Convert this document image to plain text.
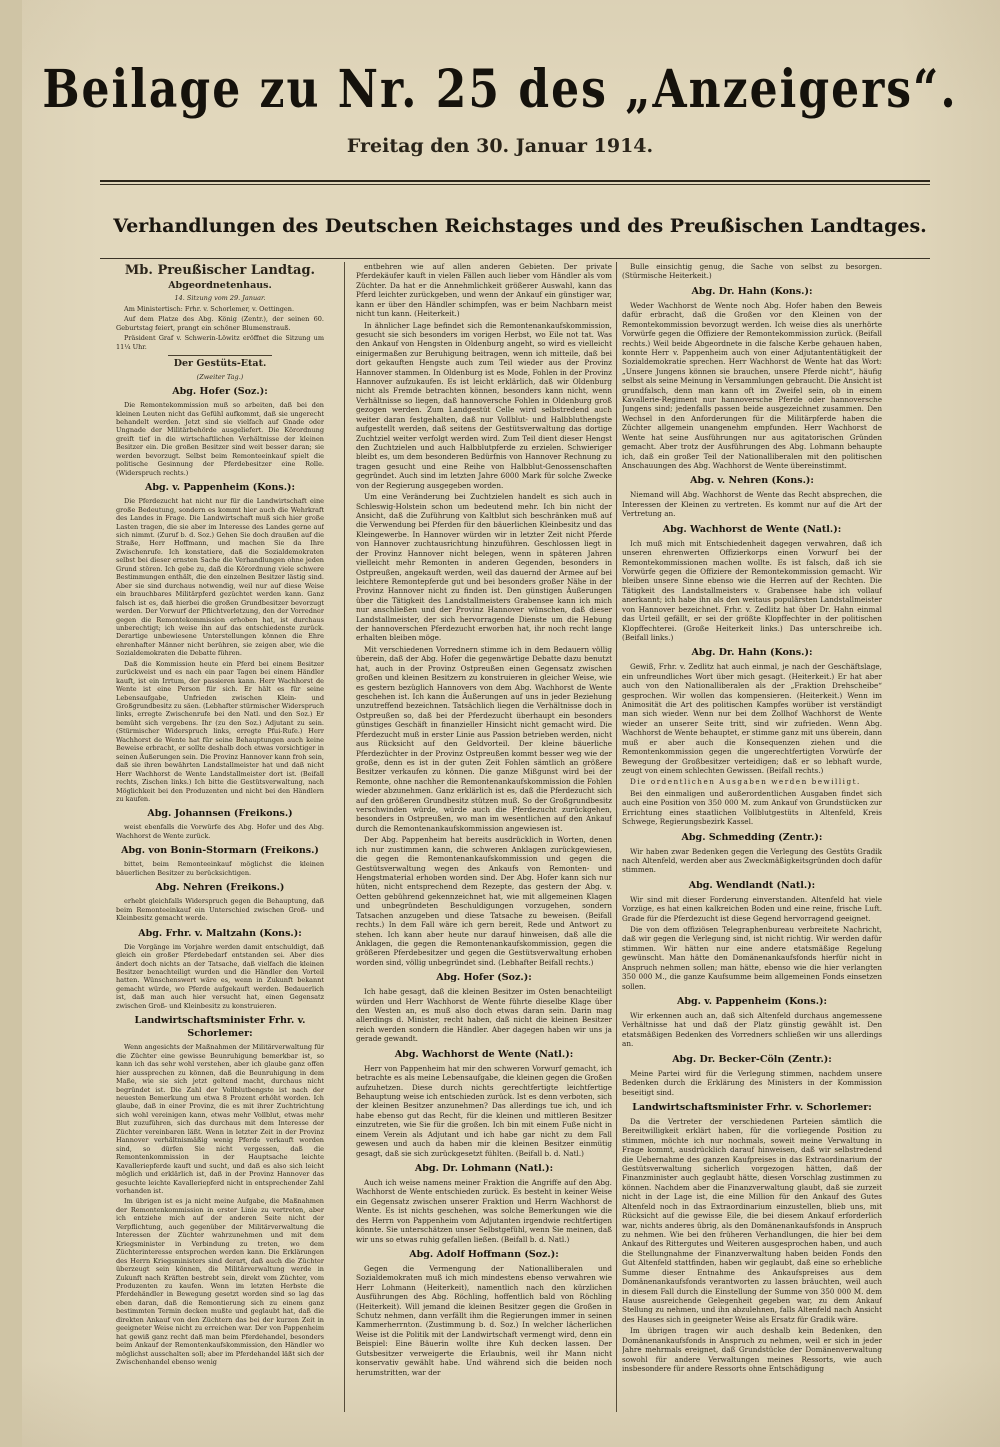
Beilage zu Nr. 25 des „Anzeigers“.
Freitag den 30. Januar 1914.
Verhandlungen des Deutschen Reichstages und des Preußischen Landtages.
Mb. Preußischer Landtag.
Abgeordnetenhaus.

14. Sitzung vom 29. Januar.

Am Ministertisch: Frhr. v. Schorlemer, v. Oettingen.

Auf dem Platze des Abg. König (Zentr.), der seinen 60. Geburtstag feiert, prangt ein schöner Blumenstrauß.

Präsident Graf v. Schwerin-Löwitz eröffnet die Sitzung um 11¼ Uhr.

Der Gestüts-Etat.

(Zweiter Tag.)

Abg. Hofer (Soz.):

Die Remontekommission muß so arbeiten, daß bei den kleinen Leuten nicht das Gefühl aufkommt, daß sie ungerecht behandelt werden. Jetzt sind sie vielfach auf Gnade oder Ungnade der Militärbehörde ausgeliefert. Die Körordnung greift tief in die wirtschaftlichen Verhältnisse der kleinen Besitzer ein. Die großen Besitzer sind weit besser daran; sie werden bevorzugt. Selbst beim Remonteeinkauf spielt die politische Gesinnung der Pferdebesitzer eine Rolle. (Widerspruch rechts.)

Abg. v. Pappenheim (Kons.):

Die Pferdezucht hat nicht nur für die Landwirtschaft eine große Bedeutung, sondern es kommt hier auch die Wehrkraft des Landes in Frage. Die Landwirtschaft muß sich hier große Lasten tragen, die sie aber im Interesse des Landes gerne auf sich nimmt. (Zuruf b. d. Soz.) Gehen Sie doch draußen auf die Straße, Herr Hoffmann, und machen Sie da Ihre Zwischenrufe. Ich konstatiere, daß die Sozialdemokraten selbst bei dieser ernsten Sache die Verhandlungen ohne jeden Grund stören. Ich gebe zu, daß die Körordnung viele schwere Bestimmungen enthält, die den einzelnen Besitzer lästig sind. Aber sie sind durchaus notwendig, weil nur auf diese Weise ein brauchbares Militärpferd gezüchtet werden kann. Ganz falsch ist es, daß hierbei die großen Grundbesitzer bevorzugt werden. Der Vorwurf der Pflichtverletzung, den der Vorredner gegen die Remontekommission erhoben hat, ist durchaus unberechtigt; ich weise ihn auf das entschiedenste zurück. Derartige unbewiesene Unterstellungen können die Ehre ehrenhafter Männer nicht berühren, sie zeigen aber, wie die Sozialdemokraten die Debatte führen.

Daß die Kommission heute ein Pferd bei einem Besitzer zurückweist und es nach ein paar Tagen bei einem Händler kauft, ist ein Irrtum, der passieren kann. Herr Wachhorst de Wente ist eine Person für sich. Er hält es für seine Lebensaufgabe, Unfrieden zwischen Klein- und Großgrundbesitz zu säen. (Lebhafter stürmischer Widerspruch links, erregte Zwischenrufe bei den Natl. und den Soz.) Er bemüht sich vergebens. Ihr (zu den Soz.) Adjutant zu sein. (Stürmischer Widerspruch links, erregte Pfui-Rufe.) Herr Wachhorst de Wente hat für seine Behauptungen auch keine Beweise erbracht, er sollte deshalb doch etwas vorsichtiger in seinen Äußerungen sein. Die Provinz Hannover kann froh sein, daß sie ihren bewährten Landstallmeister hat und daß nicht Herr Wachhorst de Wente Landstallmeister dort ist. (Beifall rechts, Zischen links.) Ich bitte die Gestütsverwaltung, nach Möglichkeit bei den Produzenten und nicht bei den Händlern zu kaufen.

Abg. Johannsen (Freikons.)

weist ebenfalls die Vorwürfe des Abg. Hofer und des Abg. Wachhorst de Wente zurück.

Abg. von Bonin-Stormarn (Freikons.)

bittet, beim Remonteeinkauf möglichst die kleinen bäuerlichen Besitzer zu berücksichtigen.

Abg. Nehren (Freikons.)

erhebt gleichfalls Widerspruch gegen die Behauptung, daß beim Remonteeinkauf ein Unterschied zwischen Groß- und Kleinbesitz gemacht werde.

Abg. Frhr. v. Maltzahn (Kons.):

Die Vorgänge im Vorjahre werden damit entschuldigt, daß gleich ein großer Pferdebedarf entstanden sei. Aber dies ändert doch nichts an der Tatsache, daß vielfach die kleinen Besitzer benachteiligt wurden und die Händler den Vorteil hatten. Wünschenswert wäre es, wenn in Zukunft bekannt gemacht würde, wo Pferde aufgekauft werden. Bedauerlich ist, daß man auch hier versucht hat, einen Gegensatz zwischen Groß- und Kleinbesitz zu konstruieren.

Landwirtschaftsminister Frhr. v. Schorlemer:

Wenn angesichts der Maßnahmen der Militärverwaltung für die Züchter eine gewisse Beunruhigung bemerkbar ist, so kann ich das sehr wohl verstehen, aber ich glaube ganz offen hier aussprechen zu können, daß die Beunruhigung in dem Maße, wie sie sich jetzt geltend macht, durchaus nicht begründet ist. Die Zahl der Vollblutbengste ist nach der neuesten Bemerkung um etwa 8 Prozent erhöht worden. Ich glaube, daß in einer Provinz, die es mit ihrer Zuchtrichtung sich wohl vereinigen kann, etwas mehr Vollblut, etwas mehr Blut zuzuführen, sich das durchaus mit dem Interesse der Züchter vereinbaren läßt. Wenn in letzter Zeit in der Provinz Hannover verhältnismäßig wenig Pferde verkauft worden sind, so dürfen Sie nicht vergessen, daß die Remontenkommission in der Hauptsache leichte Kavalleriepferde kauft und sucht, und daß es also sich leicht möglich und erklärlich ist, daß in der Provinz Hannover das gesuchte leichte Kavalleriepferd nicht in entsprechender Zahl vorhanden ist.

Im übrigen ist es ja nicht meine Aufgabe, die Maßnahmen der Remontenkommission in erster Linie zu vertreten, aber ich entziehe mich auf der anderen Seite nicht der Verpflichtung, auch gegenüber der Militärverwaltung die Interessen der Züchter wahrzunehmen und mit dem Kriegsminister in Verbindung zu treten, wo dem Züchterinteresse entsprochen werden kann. Die Erklärungen des Herrn Kriegsministers sind derart, daß auch die Züchter überzeugt sein können, die Militärverwaltung werde in Zukunft nach Kräften bestrebt sein, direkt vom Züchter, vom Produzenten zu kaufen. Wenn im letzten Herbste die Pferdehändler in Bewegung gesetzt worden sind so lag das eben daran, daß die Remontierung sich zu einem ganz bestimmten Termin decken mußte und geglaubt hat, daß die direkten Ankauf von den Züchtern das bei der kurzen Zeit in geeigneter Weise nicht zu erreichen war. Der von Pappenheim hat gewiß ganz recht daß man beim Pferdehandel, besonders beim Ankauf der Remontenkaufskommission, den Händler wo möglichst ausschalten soll; aber im Pferdehandel läßt sich der Zwischenhandel ebenso wenig

entbehren wie auf allen anderen Gebieten. Der private Pferdekäufer kauft in vielen Fällen auch lieber vom Händler als vom Züchter. Da hat er die Annehmlichkeit größerer Auswahl, kann das Pferd leichter zurückgeben, und wenn der Ankauf ein günstiger war, kann er über den Händler schimpfen, was er beim Nachbarn meist nicht tun kann. (Heiterkeit.)

In ähnlicher Lage befindet sich die Remontenankaufskommission, gesucht sie sich besonders im vorigen Herbst, wo Eile not tat. Was den Ankauf von Hengsten in Oldenburg angeht, so wird es vielleicht einigermaßen zur Beruhigung beitragen, wenn ich mitteile, daß bei dort gekauften Hengste auch zum Teil wieder aus der Provinz Hannover stammen. In Oldenburg ist es Mode, Fohlen in der Provinz Hannover aufzukaufen. Es ist leicht erklärlich, daß wir Oldenburg nicht als Fremde betrachten können, besonders kann nicht, wenn Verhältnisse so liegen, daß hannoversche Fohlen in Oldenburg groß gezogen werden. Zum Landgestüt Celle wird selbstredend auch weiter daran festgehalten, daß nur Vollblut- und Halbbluthengste aufgestellt werden, daß seitens der Gestütsverwaltung das dortige Zuchtziel weiter verfolgt werden wird. Zum Teil dient dieser Hengst den Zuchtzielen und auch Halbblutpferde zu erzielen. Schwieriger bleibt es, um dem besonderen Bedürfnis von Hannover Rechnung zu tragen gesucht und eine Reihe von Halbblut-Genossenschaften gegründet. Auch sind im letzten Jahre 6000 Mark für solche Zwecke von der Regierung ausgegeben worden.

Um eine Veränderung bei Zuchtzielen handelt es sich auch in Schleswig-Holstein schon um bedeutend mehr. Ich bin nicht der Ansicht, daß die Zuführung von Kaltblut sich beschränken muß auf die Verwendung bei Pferden für den bäuerlichen Kleinbesitz und das Kleingewerbe. In Hannover würden wir in letzter Zeit nicht Pferde von Hannover zuchtausrichtung hinzuführen. Geschlossen liegt in der Provinz Hannover nicht belegen, wenn in späteren Jahren vielleicht mehr Remonten in anderen Gegenden, besonders in Ostpreußen, angekauft werden, weil das dauernd der Armee auf bei leichtere Remontepferde gut und bei besonders großer Nähe in der Provinz Hannover nicht zu finden ist. Den günstigen Äußerungen über die Tätigkeit des Landstallmeisters Grabensee kann ich mich nur anschließen und der Provinz Hannover wünschen, daß dieser Landstallmeister, der sich hervorragende Dienste um die Hebung der hannoverschen Pferdezucht erworben hat, ihr noch recht lange erhalten bleiben möge.

Mit verschiedenen Vorrednern stimme ich in dem Bedauern völlig überein, daß der Abg. Hofer die gegenwärtige Debatte dazu benutzt hat, auch in der Provinz Ostpreußen einen Gegensatz zwischen großen und kleinen Besitzern zu konstruieren in gleicher Weise, wie es gestern bezüglich Hannovers von dem Abg. Wachhorst de Wente geschehen ist. Ich kann die Äußerungen auf uns in jeder Beziehung unzutreffend bezeichnen. Tatsächlich liegen die Verhältnisse doch in Ostpreußen so, daß bei der Pferdezucht überhaupt ein besonders günstiges Geschäft in finanzieller Hinsicht nicht gemacht wird. Die Pferdezucht muß in erster Linie aus Passion betrieben werden, nicht aus Rücksicht auf den Geldvorteil. Der kleine bäuerliche Pferdezüchter in der Provinz Ostpreußen kommt besser weg wie der große, denn es ist in der guten Zeit Fohlen sämtlich an größere Besitzer verkaufen zu können. Die ganze Mißgunst wird bei der Remonte, ohne nachher die Remontenankaufskommission die Fohlen wieder abzunehmen. Ganz erklärlich ist es, daß die Pferdezucht sich auf den größeren Grundbesitz stützen muß. So der Großgrundbesitz verschwinden würde, würde auch die Pferdezucht zurückgehen, besonders in Ostpreußen, wo man im wesentlichen auf den Ankauf durch die Remontenankaufskommission angewiesen ist.

Der Abg. Pappenheim hat bereits ausdrücklich in Worten, denen ich nur zustimmen kann, die schweren Anklagen zurückgewiesen, die gegen die Remontenankaufskommission und gegen die Gestütsverwaltung wegen des Ankaufs von Remonten- und Hengstmaterial erhoben worden sind. Der Abg. Hofer kann sich nur hüten, nicht entsprechend dem Rezepte, das gestern der Abg. v. Oetten gebührend gekennzeichnet hat, wie mit allgemeinen Klagen und unbegründeten Beschuldigungen vorzugehen, sondern Tatsachen anzugeben und diese Tatsache zu beweisen. (Beifall rechts.) In dem Fall wäre ich gern bereit, Rede und Antwort zu stehen. Ich kann aber heute nur darauf hinweisen, daß alle die Anklagen, die gegen die Remontenankaufskommission, gegen die größeren Pferdebesitzer und gegen die Gestütsverwaltung erhoben worden sind, völlig unbegründet sind. (Lebhafter Beifall rechts.)

Abg. Hofer (Soz.):

Ich habe gesagt, daß die kleinen Besitzer im Osten benachteiligt würden und Herr Wachhorst de Wente führte dieselbe Klage über den Westen an, es muß also doch etwas daran sein. Darin mag allerdings d. Minister, recht haben, daß nicht die kleinen Besitzer reich werden sondern die Händler. Aber dagegen haben wir uns ja gerade gewandt.

Abg. Wachhorst de Wente (Natl.):

Herr von Pappenheim hat mir den schweren Vorwurf gemacht, ich betrachte es als meine Lebensaufgabe, die kleinen gegen die Großen aufzuhetzen. Diese durch nichts gerechtfertigte leichtfertige Behauptung weise ich entschieden zurück. Ist es denn verboten, sich der kleinen Besitzer anzunehmen? Das allerdings tue ich, und ich habe ebenso gut das Recht, für die kleinen und mittleren Besitzer einzutreten, wie Sie für die großen. Ich bin mit einem Fuße nicht in einem Verein als Adjutant und ich habe gar nicht zu dem Fall gewesen und auch da haben mir die kleinen Besitzer einmütig gesagt, daß sie sich zurückgesetzt fühlten. (Beifall b. d. Natl.)

Abg. Dr. Lohmann (Natl.):

Auch ich weise namens meiner Fraktion die Angriffe auf den Abg. Wachhorst de Wente entschieden zurück. Es besteht in keiner Weise ein Gegensatz zwischen unserer Fraktion und Herrn Wachhorst de Wente. Es ist nichts geschehen, was solche Bemerkungen wie die des Herrn von Pappenheim vom Adjutanten irgendwie rechtfertigen könnte. Sie unterschätzen unser Selbstgefühl, wenn Sie meinen, daß wir uns so etwas ruhig gefallen ließen. (Beifall b. d. Natl.)

Abg. Adolf Hoffmann (Soz.):

Gegen die Vermengung der Nationalliberalen und Sozialdemokraten muß ich mich mindestens ebenso verwahren wie Herr Lohmann (Heiterkeit), namentlich nach den kürzlichen Ausführungen des Abg. Röchling, hoffentlich bald von Röchling (Heiterkeit). Will jemand die kleinen Besitzer gegen die Großen in Schutz nehmen, dann verfällt ihm die Regierungen immer in seinen Kammerherrnton. (Zustimmung b. d. Soz.) In welcher lächerlichen Weise ist die Politik mit der Landwirtschaft vermengt wird, denn ein Beispiel: Eine Bäuerin wollte ihre Kuh decken lassen. Der Gutsbesitzer verweigerte die Erlaubnis, weil ihr Mann nicht konservativ gewählt habe. Und während sich die beiden noch herumstritten, war der

Bulle einsichtig genug, die Sache von selbst zu besorgen. (Stürmische Heiterkeit.)

Abg. Dr. Hahn (Kons.):

Weder Wachhorst de Wente noch Abg. Hofer haben den Beweis dafür erbracht, daß die Großen vor den Kleinen von der Remontekommission bevorzugt werden. Ich weise dies als unerhörte Vorwürfe gegen die Offiziere der Remontekommission zurück. (Beifall rechts.) Weil beide Abgeordnete in die falsche Kerbe gehauen haben, konnte Herr v. Pappenheim auch von einer Adjutantentätigkeit der Sozialdemokratie sprechen. Herr Wachhorst de Wente hat das Wort: „Unsere Jungens können sie brauchen, unsere Pferde nicht“, häufig selbst als seine Meinung in Versammlungen gebraucht. Die Ansicht ist grundfalsch, denn man kann oft im Zweifel sein, ob in einem Kavallerie-Regiment nur hannoversche Pferde oder hannoversche Jungens sind; jedenfalls passen beide ausgezeichnet zusammen. Den Wechsel in den Anforderungen für die Militärpferde haben die Züchter allgemein unangenehm empfunden. Herr Wachhorst de Wente hat seine Ausführungen nur aus agitatorischen Gründen gemacht. Aber trotz der Ausführungen des Abg. Lohmann behaupte ich, daß ein großer Teil der Nationalliberalen mit den politischen Anschauungen des Abg. Wachhorst de Wente übereinstimmt.

Abg. v. Nehren (Kons.):

Niemand will Abg. Wachhorst de Wente das Recht absprechen, die Interessen der Kleinen zu vertreten. Es kommt nur auf die Art der Vertretung an.

Abg. Wachhorst de Wente (Natl.):

Ich muß mich mit Entschiedenheit dagegen verwahren, daß ich unseren ehrenwerten Offizierkorps einen Vorwurf bei der Remontekommissionen machen wollte. Es ist falsch, daß ich sie Vorwürfe gegen die Offiziere der Remontekommission gemacht. Wir bleiben unsere Sinne ebenso wie die Herren auf der Rechten. Die Tätigkeit des Landstallmeisters v. Grabensee habe ich vollauf anerkannt; ich habe ihn als den weitaus populärsten Landstallmeister von Hannover bezeichnet. Frhr. v. Zedlitz hat über Dr. Hahn einmal das Urteil gefällt, er sei der größte Klopffechter in der politischen Klopffechterei. (Große Heiterkeit links.) Das unterschreibe ich. (Beifall links.)

Abg. Dr. Hahn (Kons.):

Gewiß, Frhr. v. Zedlitz hat auch einmal, je nach der Geschäftslage, ein unfreundliches Wort über mich gesagt. (Heiterkeit.) Er hat aber auch von den Nationalliberalen als der „Fraktion Drehscheibe“ gesprochen. Wir wollen das kompensieren. (Heiterkeit.) Wenn im Animosität die Art des politischen Kampfes worüber ist verständigt man sich wieder. Wenn nur bei dem Zollhof Wachhorst de Wente wieder an unserer Seite tritt, sind wir zufrieden. Wenn Abg. Wachhorst de Wente behauptet, er stimme ganz mit uns überein, dann muß er aber auch die Konsequenzen ziehen und die Remontenkommission gegen die ungerechtfertigten Vorwürfe der Bewegung der Großbesitzer verteidigen; daß er so lebhaft wurde, zeugt von einem schlechten Gewissen. (Beifall rechts.)

Die ordentlichen Ausgaben werden bewilligt.

Bei den einmaligen und außerordentlichen Ausgaben findet sich auch eine Position von 350 000 M. zum Ankauf von Grundstücken zur Errichtung eines staatlichen Vollblutgestüts in Altenfeld, Kreis Schwege, Regierungsbezirk Kassel.

Abg. Schmedding (Zentr.):

Wir haben zwar Bedenken gegen die Verlegung des Gestüts Gradik nach Altenfeld, werden aber aus Zweckmäßigkeitsgründen doch dafür stimmen.

Abg. Wendlandt (Natl.):

Wir sind mit dieser Forderung einverstanden. Altenfeld hat viele Vorzüge, es hat einen kalkreichen Boden und eine reine, frische Luft. Grade für die Pferdezucht ist diese Gegend hervorragend geeignet.

Die von dem offiziösen Telegraphenbureau verbreitete Nachricht, daß wir gegen die Verlegung sind, ist nicht richtig. Wir werden dafür stimmen. Wir hätten nur eine andere etatsmäßige Regelung gewünscht. Man hätte den Domänenankaufsfonds hierfür nicht in Anspruch nehmen sollen; man hätte, ebenso wie die hier verlangten 350 000 M., die ganze Kaufsumme beim allgemeinen Fonds einsetzen sollen.

Abg. v. Pappenheim (Kons.):

Wir erkennen auch an, daß sich Altenfeld durchaus angemessene Verhältnisse hat und daß der Platz günstig gewählt ist. Den etatsmäßigen Bedenken des Vorredners schließen wir uns allerdings an.

Abg. Dr. Becker-Cöln (Zentr.):

Meine Partei wird für die Verlegung stimmen, nachdem unsere Bedenken durch die Erklärung des Ministers in der Kommission beseitigt sind.

Landwirtschaftsminister Frhr. v. Schorlemer:

Da die Vertreter der verschiedenen Parteien sämtlich die Bereitwilligkeit erklärt haben, für die vorliegende Position zu stimmen, möchte ich nur nochmals, soweit meine Verwaltung in Frage kommt, ausdrücklich darauf hinweisen, daß wir selbstredend die Uebernahme des ganzen Kaufpreises in das Extraordinarium der Gestütsverwaltung sicherlich vorgezogen hätten, daß der Finanzminister auch geglaubt hätte, diesen Vorschlag zustimmen zu können. Nachdem aber die Finanzverwaltung glaubt, daß sie zurzeit nicht in der Lage ist, die eine Million für den Ankauf des Gutes Altenfeld noch in das Extraordinarium einzustellen, blieb uns, mit Rücksicht auf die gewisse Eile, die bei diesem Ankauf erforderlich war, nichts anderes übrig, als den Domänenankaufsfonds in Anspruch zu nehmen. Wie bei den früheren Verhandlungen, die hier bei dem Ankauf des Rittergutes und Weiteren ausgesprochen haben, und auch die Stellungnahme der Finanzverwaltung haben beiden Fonds den Gut Altenfeld stattfinden, haben wir geglaubt, daß eine so erhebliche Summe dieser Entnahme des Ankaufspreises aus dem Domänenankaufsfonds verantworten zu lassen bräuchten, weil auch in diesem Fall durch die Einstellung der Summe von 350 000 M. dem Hause ausreichende Gelegenheit gegeben war, zu dem Ankauf Stellung zu nehmen, und ihn abzulehnen, falls Altenfeld nach Ansicht des Hauses sich in geeigneter Weise als Ersatz für Gradik wäre.

Im übrigen tragen wir auch deshalb kein Bedenken, den Domänenankaufsfonds in Anspruch zu nehmen, weil er sich in jeder Jahre mehrmals ereignet, daß Grundstücke der Domänenverwaltung sowohl für andere Verwaltungen meines Ressorts, wie auch insbesondere für andere Ressorts ohne Entschädigung
